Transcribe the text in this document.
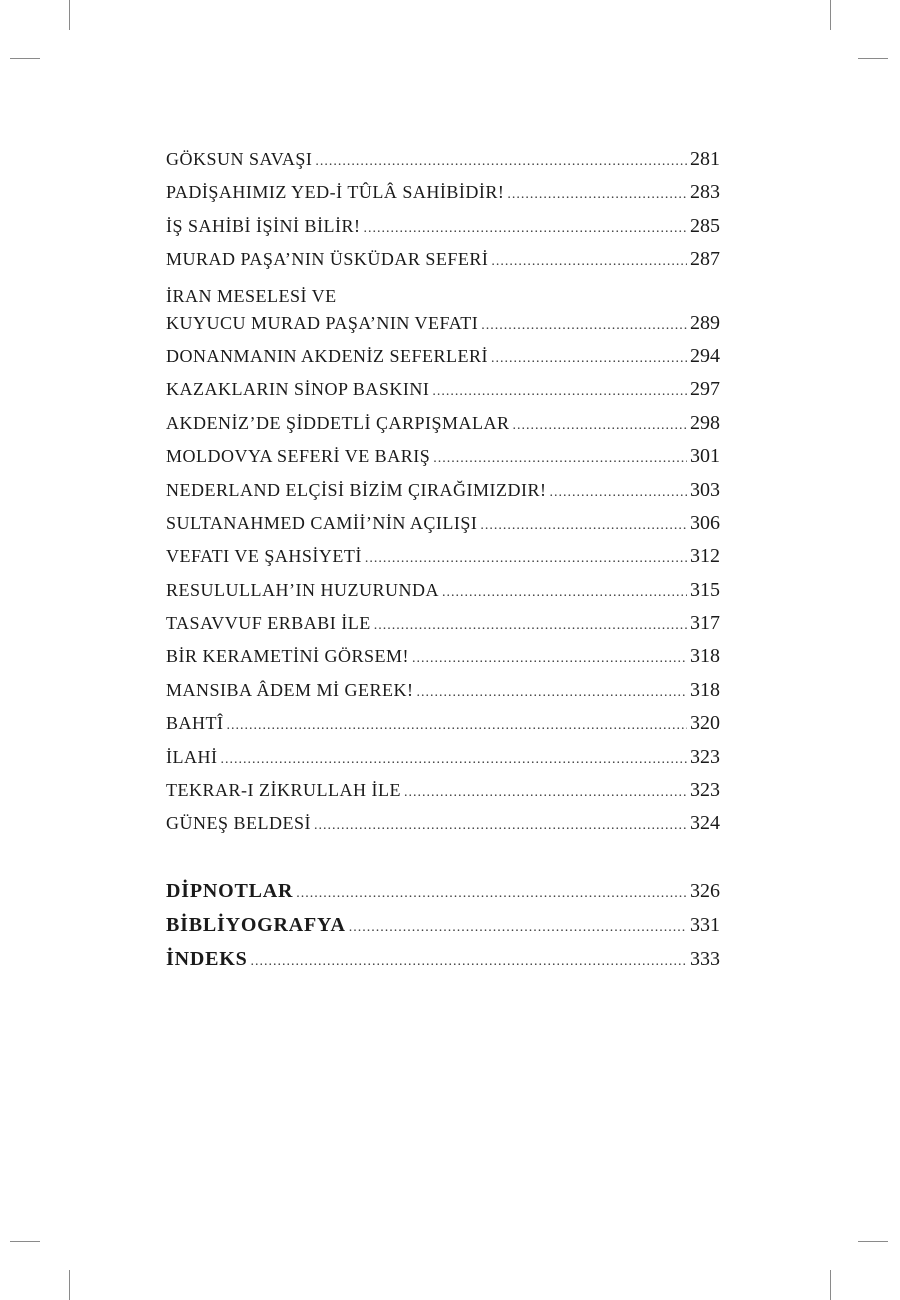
GÖKSUN SAVAŞI .....	281
PADİŞAHIMIZ YED-İ TÛLÂ SAHİBİDİR! .....	283
İŞ SAHİBİ İŞİNİ BİLİR! .....	285
MURAD PAŞA’NIN ÜSKÜDAR SEFERİ .....	287
İRAN MESELESİ VE
KUYUCU MURAD PAŞA’NIN VEFATI .....	289
DONANMANIN AKDENİZ SEFERLERİ .....	294
KAZAKLARIN SİNOP BASKINI .....	297
AKDENİZ’DE ŞİDDETLİ ÇARPIŞMALAR .....	298
MOLDOVYA SEFERİ VE BARIŞ .....	301
NEDERLAND ELÇİSİ BİZİM ÇIRAĞIMIZDIR! .....	303
SULTANAHMED CAMİİ’NİN AÇILIŞI .....	306
VEFATI VE ŞAHSİYETİ .....	312
RESULULLAH’IN HUZURUNDA .....	315
TASAVVUF ERBABI İLE .....	317
BİR KERAMETİNİ GÖRSEM! .....	318
MANSIBA ÂDEM Mİ GEREK! .....	318
BAHTÎ .....	320
İLAHİ .....	323
TEKRAR-I ZİKRULLAH İLE .....	323
GÜNEŞ BELDESİ .....	324
DİPNOTLAR .....	326
BİBLİYOGRAFYA .....	331
İNDEKS .....	333
